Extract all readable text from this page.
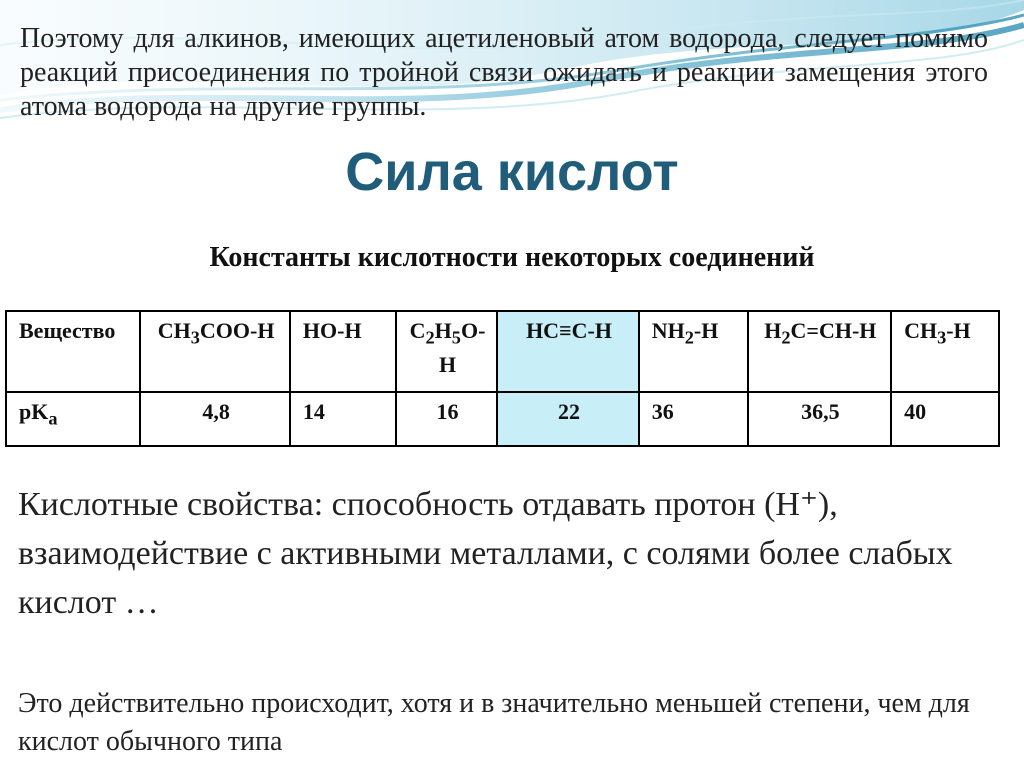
Поэтому для алкинов, имеющих ацетиленовый атом водорода, следует помимо реакций присоединения по тройной связи ожидать и реакции замещения этого атома водорода на другие группы.

Сила кислот
Константы кислотности некоторых соединений
Вещество	$CH_3COO-H$	HO-H	$C_2H_5O-H$	HC≡C-H	$NH_2-H$	$H_2C=CH-H$	$CH_3-H$
$pK_a$	4,8	14	16	22	36	36,5	40

Кислотные свойства: способность отдавать протон (Н⁺), взаимодействие с активными металлами, с солями более слабых кислот …

Это действительно происходит, хотя и в значительно меньшей степени, чем для кислот обычного типа
